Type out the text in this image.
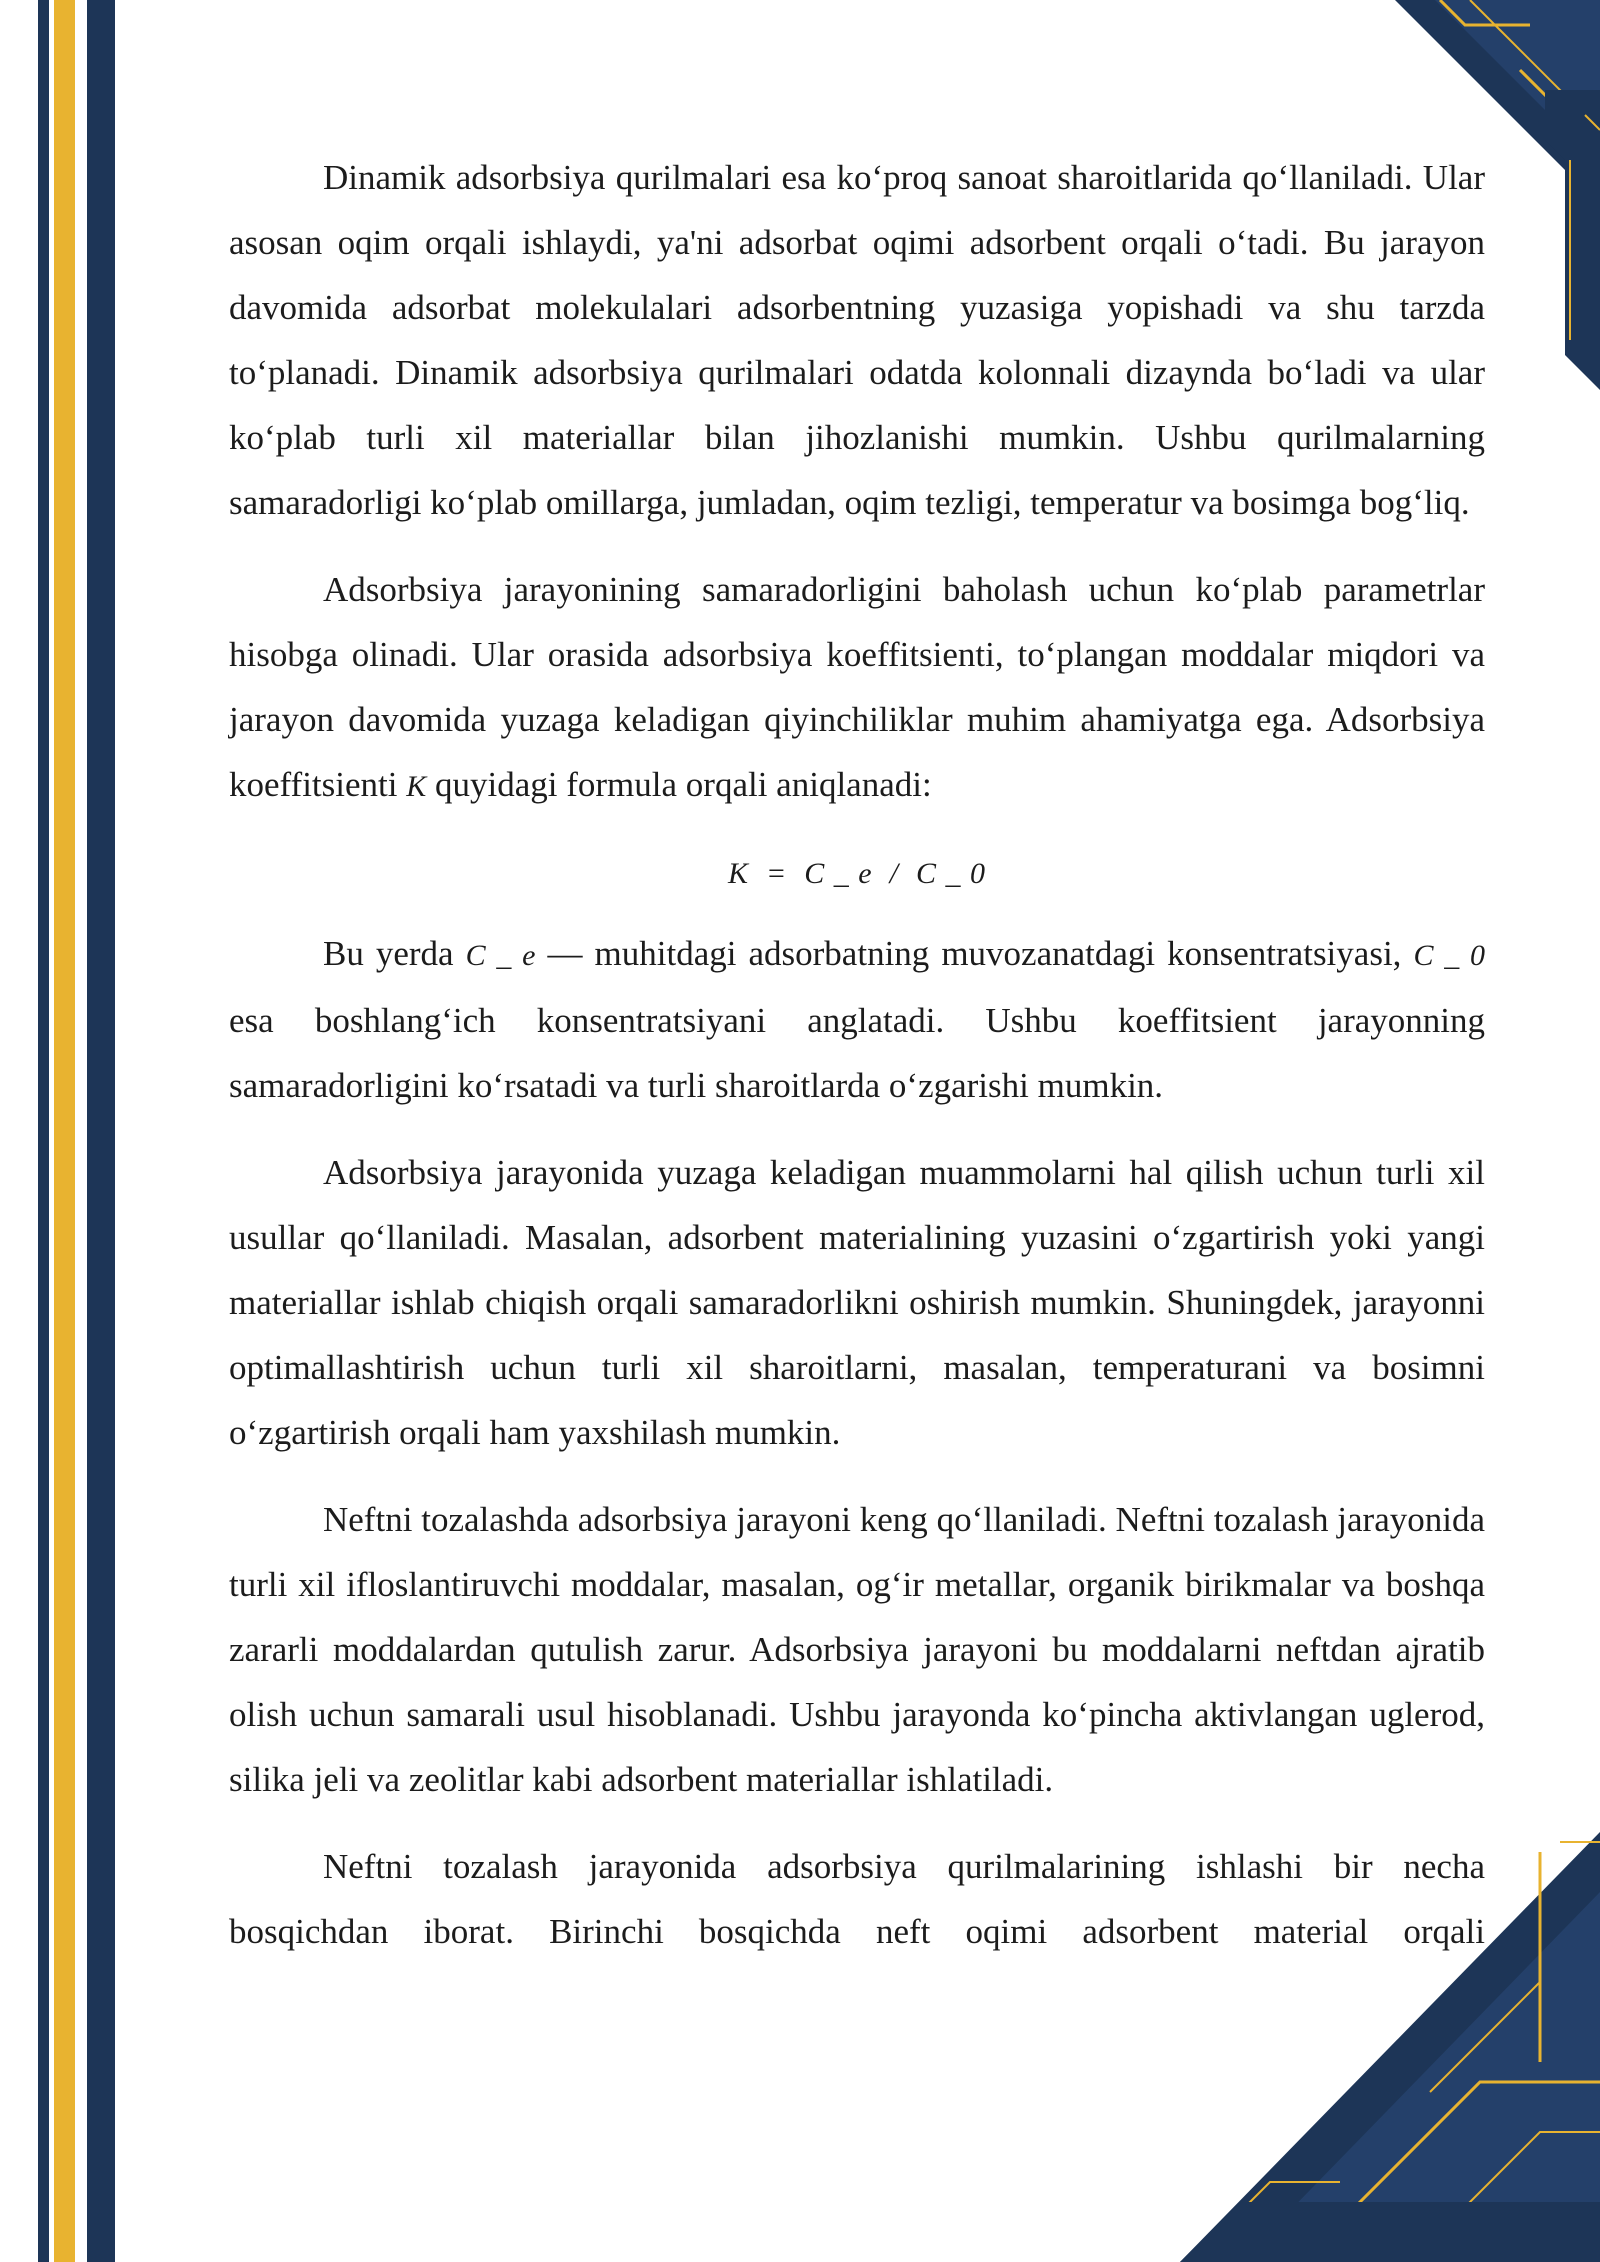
Dinamik adsorbsiya qurilmalari esa ko‘proq sanoat sharoitlarida qo‘llaniladi. Ular asosan oqim orqali ishlaydi, ya'ni adsorbat oqimi adsorbent orqali o‘tadi. Bu jarayon davomida adsorbat molekulalari adsorbentning yuzasiga yopishadi va shu tarzda to‘planadi. Dinamik adsorbsiya qurilmalari odatda kolonnali dizaynda bo‘ladi va ular ko‘plab turli xil materiallar bilan jihozlanishi mumkin. Ushbu qurilmalarning samaradorligi ko‘plab omillarga, jumladan, oqim tezligi, temperatur va bosimga bog‘liq.

Adsorbsiya jarayonining samaradorligini baholash uchun ko‘plab parametrlar hisobga olinadi. Ular orasida adsorbsiya koeffitsienti, to‘plangan moddalar miqdori va jarayon davomida yuzaga keladigan qiyinchiliklar muhim ahamiyatga ega. Adsorbsiya koeffitsienti K quyidagi formula orqali aniqlanadi:

K  =  C _ e  /  C _ 0

Bu yerda C _ e — muhitdagi adsorbatning muvozanatdagi konsentratsiyasi, C _ 0 esa boshlang‘ich konsentratsiyani anglatadi. Ushbu koeffitsient jarayonning samaradorligini ko‘rsatadi va turli sharoitlarda o‘zgarishi mumkin.

Adsorbsiya jarayonida yuzaga keladigan muammolarni hal qilish uchun turli xil usullar qo‘llaniladi. Masalan, adsorbent materialining yuzasini o‘zgartirish yoki yangi materiallar ishlab chiqish orqali samaradorlikni oshirish mumkin. Shuningdek, jarayonni optimallashtirish uchun turli xil sharoitlarni, masalan, temperaturani va bosimni o‘zgartirish orqali ham yaxshilash mumkin.

Neftni tozalashda adsorbsiya jarayoni keng qo‘llaniladi. Neftni tozalash jarayonida turli xil ifloslantiruvchi moddalar, masalan, og‘ir metallar, organik birikmalar va boshqa zararli moddalardan qutulish zarur. Adsorbsiya jarayoni bu moddalarni neftdan ajratib olish uchun samarali usul hisoblanadi. Ushbu jarayonda ko‘pincha aktivlangan uglerod, silika jeli va zeolitlar kabi adsorbent materiallar ishlatiladi.

Neftni tozalash jarayonida adsorbsiya qurilmalarining ishlashi bir necha bosqichdan iborat. Birinchi bosqichda neft oqimi adsorbent material orqali
